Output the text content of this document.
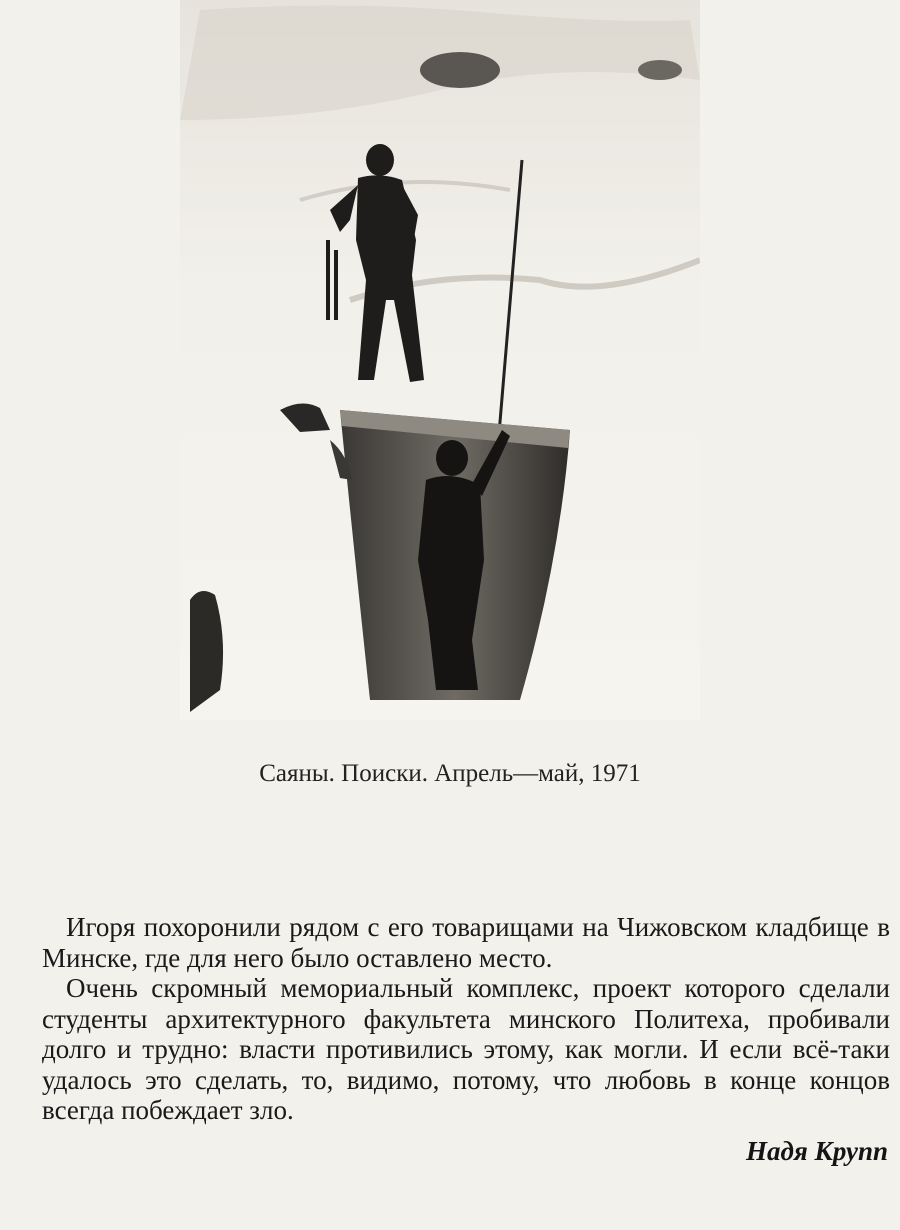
Саяны. Поиски. Апрель—май, 1971

Игоря похоронили рядом с его товарищами на Чижовском кладбище в Минске, где для него было оставлено место.

Очень скромный мемориальный комплекс, проект которого сделали студенты архитектурного факультета минского Политеха, пробивали долго и трудно: власти противились этому, как могли. И если всё-таки удалось это сделать, то, видимо, потому, что любовь в конце концов всегда побеждает зло.

Надя Крупп
